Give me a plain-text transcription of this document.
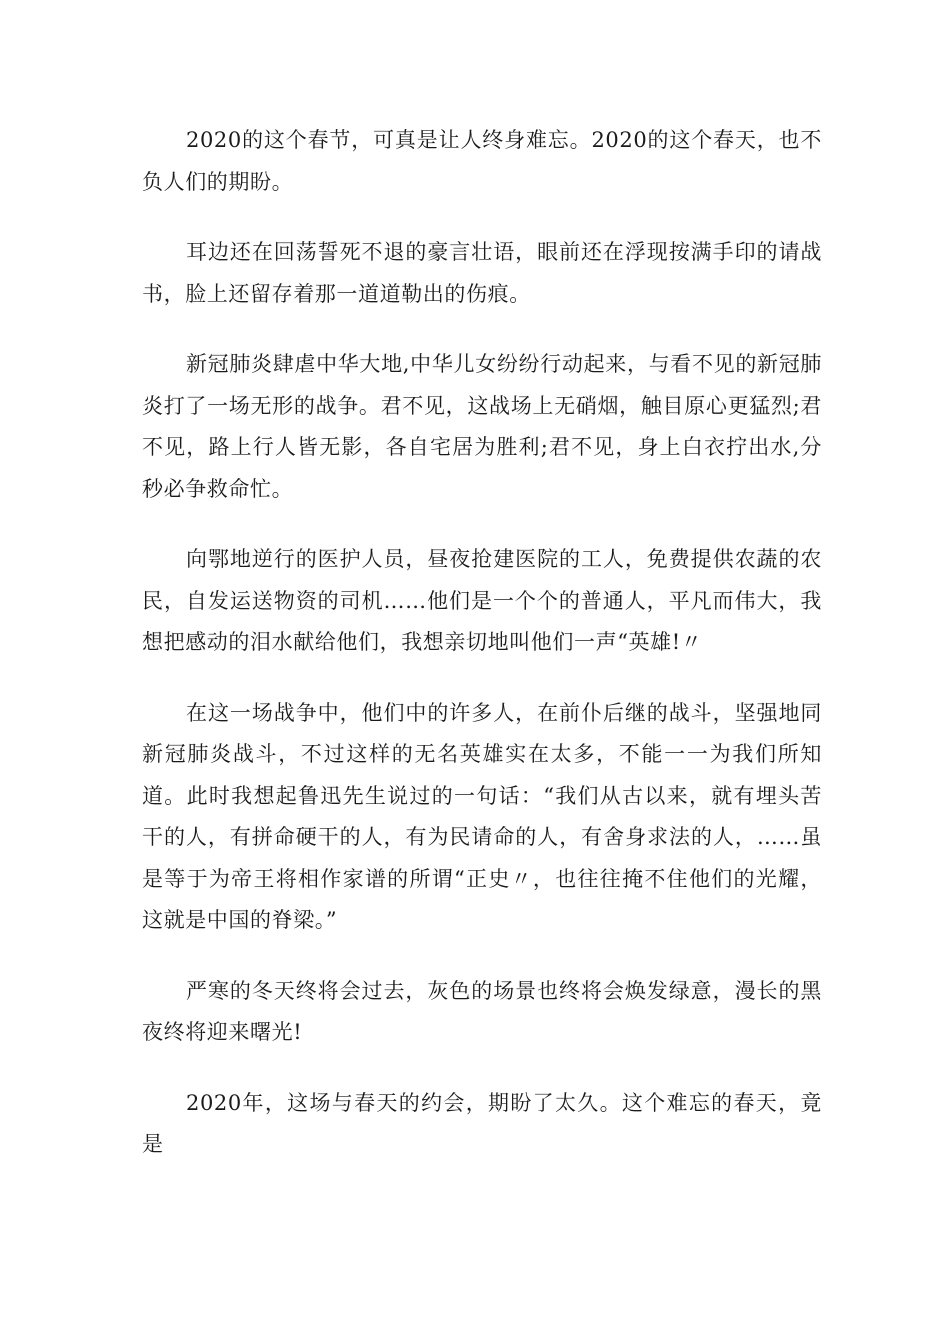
2020的这个春节，可真是让人终身难忘。2020的这个春天，也不负人们的期盼。

耳边还在回荡誓死不退的豪言壮语，眼前还在浮现按满手印的请战书，脸上还留存着那一道道勒出的伤痕。

新冠肺炎肆虐中华大地,中华儿女纷纷行动起来，与看不见的新冠肺炎打了一场无形的战争。君不见，这战场上无硝烟，触目原心更猛烈;君不见，路上行人皆无影，各自宅居为胜利;君不见，身上白衣拧出水,分秒必争救命忙。

向鄂地逆行的医护人员，昼夜抢建医院的工人，免费提供农蔬的农民，自发运送物资的司机……他们是一个个的普通人，平凡而伟大，我想把感动的泪水献给他们，我想亲切地叫他们一声“英雄!〃

在这一场战争中，他们中的许多人，在前仆后继的战斗，坚强地同新冠肺炎战斗，不过这样的无名英雄实在太多，不能一一为我们所知道。此时我想起鲁迅先生说过的一句话：“我们从古以来，就有埋头苦干的人，有拼命硬干的人，有为民请命的人，有舍身求法的人，……虽是等于为帝王将相作家谱的所谓“正史〃，也往往掩不住他们的光耀，这就是中国的脊梁。”

严寒的冬天终将会过去，灰色的场景也终将会焕发绿意，漫长的黑夜终将迎来曙光!

2020年，这场与春天的约会，期盼了太久。这个难忘的春天，竟是
